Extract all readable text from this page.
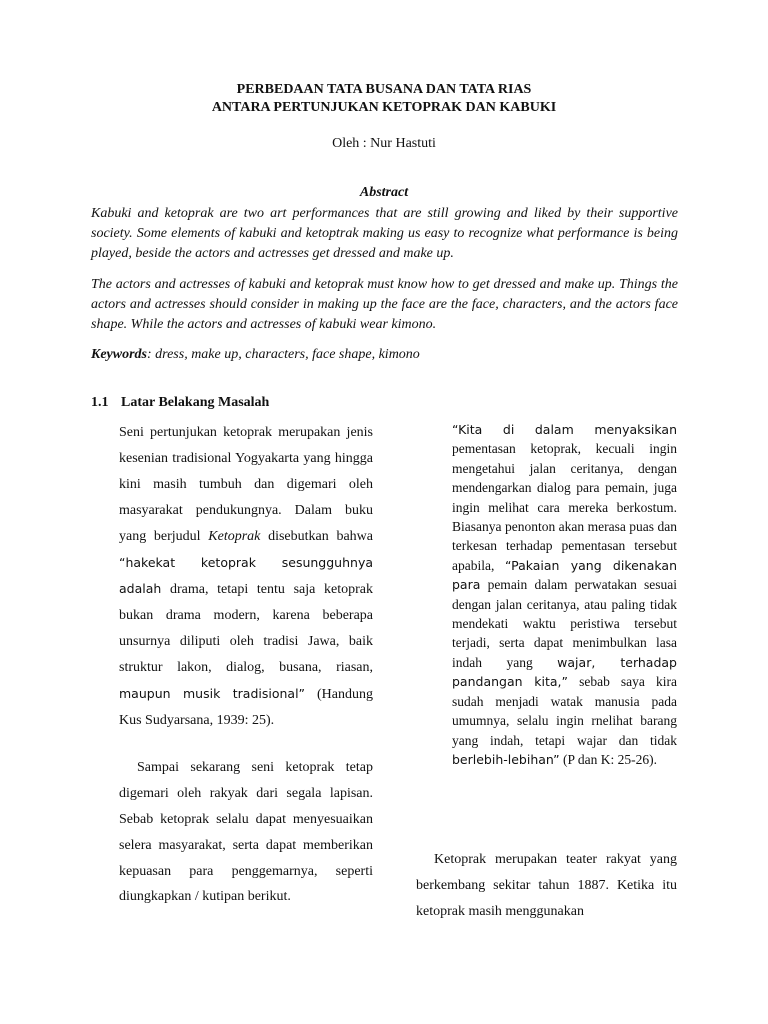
PERBEDAAN TATA BUSANA DAN TATA RIAS
ANTARA PERTUNJUKAN KETOPRAK DAN KABUKI
Oleh : Nur Hastuti
Abstract

Kabuki and ketoprak are two art performances that are still growing and liked by their supportive society. Some elements of kabuki and ketoptrak making us easy to recognize what performance is being played, beside the actors and actresses get dressed and make up.

The actors and actresses of kabuki and ketoprak must know how to get dressed and make up. Things the actors and actresses should consider in making up the face are the face, characters, and the actors face shape. While the actors and actresses of kabuki wear kimono.

Keywords: dress, make up, characters, face shape, kimono
1.1 Latar Belakang Masalah

Seni pertunjukan ketoprak merupakan jenis kesenian tradisional Yogyakarta yang hingga kini masih tumbuh dan digemari oleh masyarakat pendukungnya. Dalam buku yang berjudul Ketoprak disebutkan bahwa “hakekat ketoprak sesungguhnya adalah drama, tetapi tentu saja ketoprak bukan drama modern, karena beberapa unsurnya diliputi oleh tradisi Jawa, baik struktur lakon, dialog, busana, riasan, maupun musik tradisional” (Handung Kus Sudyarsana, 1939: 25).

Sampai sekarang seni ketoprak tetap digemari oleh rakyak dari segala lapisan. Sebab ketoprak selalu dapat menyesuaikan selera masyarakat, serta dapat memberikan kepuasan para penggemarnya, seperti diungkapkan / kutipan berikut.

“Kita di dalam menyaksikan pementasan ketoprak, kecuali ingin mengetahui jalan ceritanya, dengan mendengarkan dialog para pemain, juga ingin melihat cara mereka berkostum. Biasanya penonton akan merasa puas dan terkesan terhadap pementasan tersebut apabila, “Pakaian yang dikenakan para pemain dalam perwatakan sesuai dengan jalan ceritanya, atau paling tidak mendekati waktu peristiwa tersebut terjadi, serta dapat menimbulkan lasa indah yang wajar, terhadap pandangan kita,” sebab saya kira sudah menjadi watak manusia pada umumnya, selalu ingin rnelihat barang yang indah, tetapi wajar dan tidak berlebih-lebihan” (P dan K: 25-26).

Ketoprak merupakan teater rakyat yang berkembang sekitar tahun 1887. Ketika itu ketoprak masih menggunakan
